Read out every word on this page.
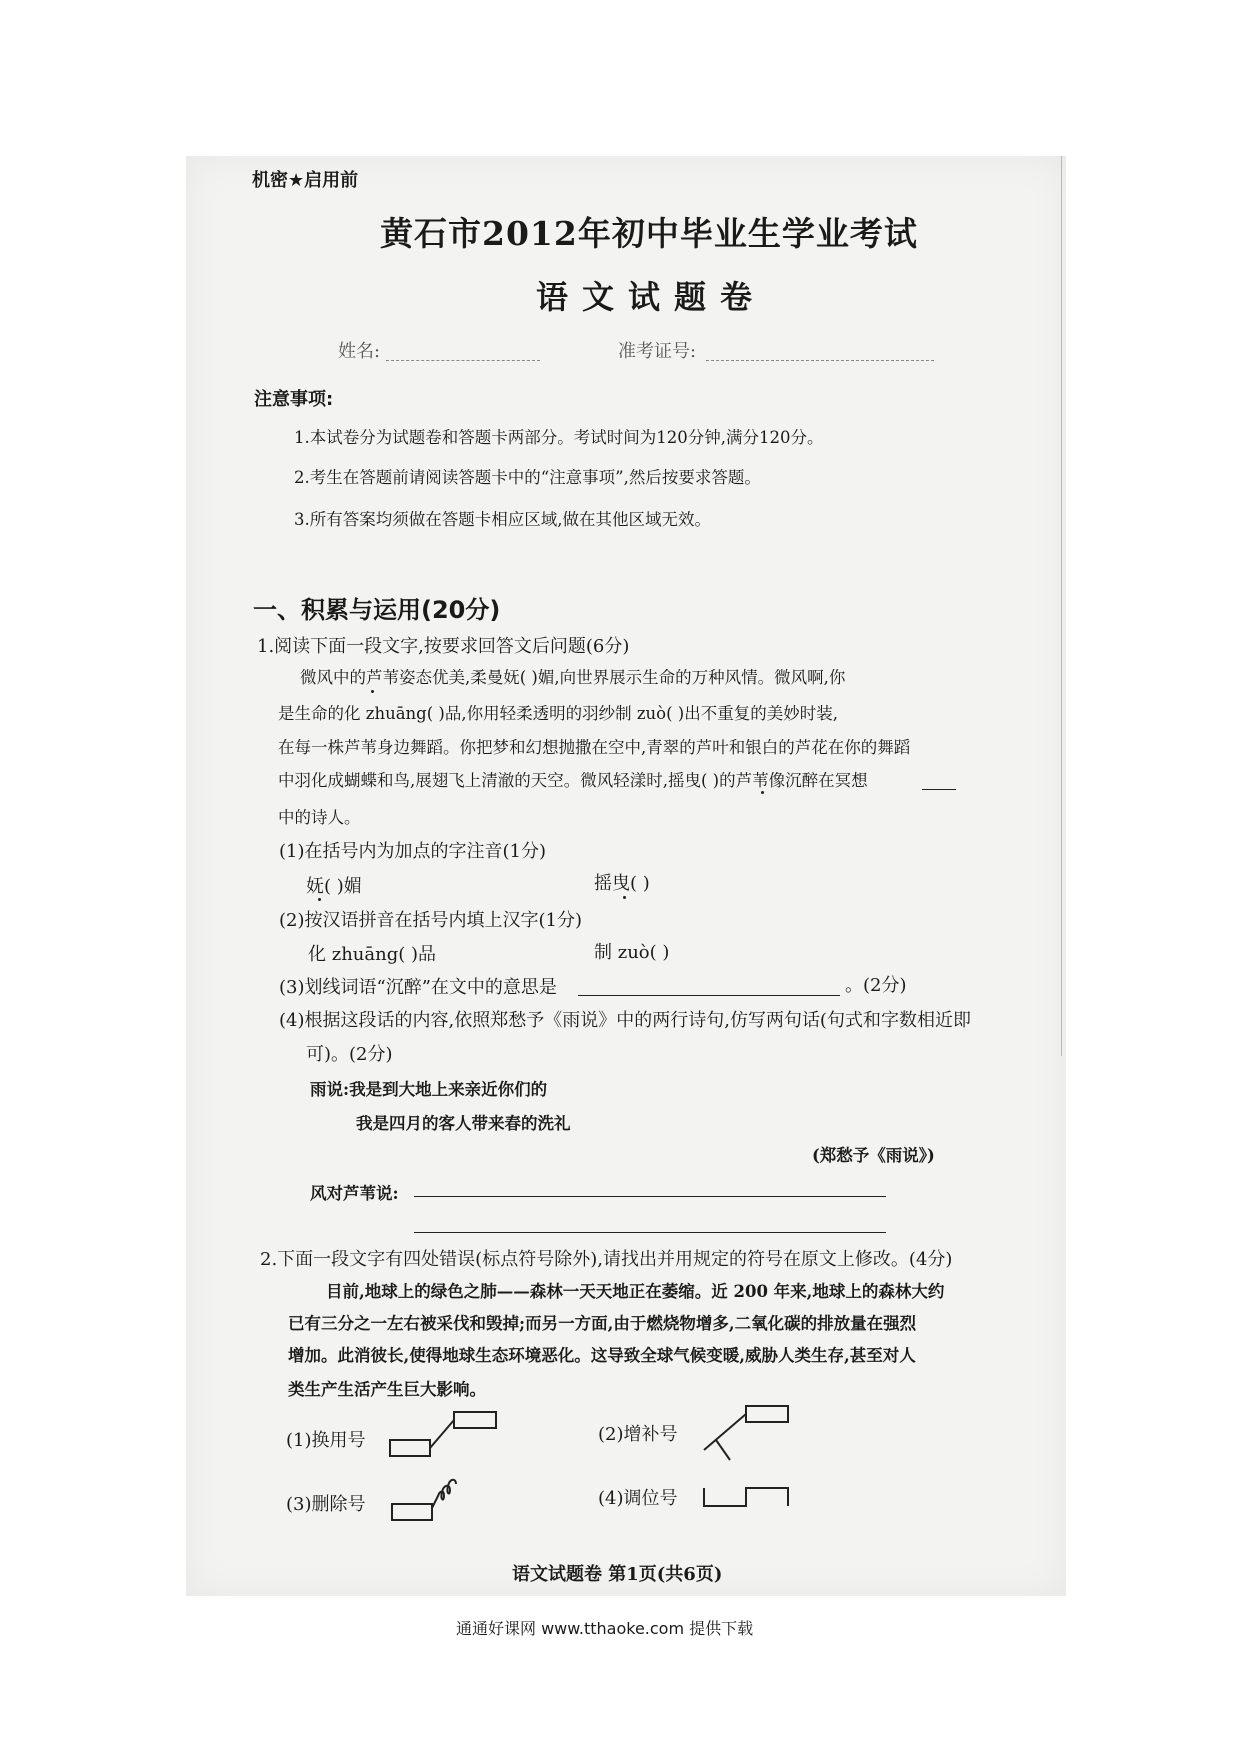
机密★启用前
黄石市2012年初中毕业生学业考试
语文试题卷
姓名:	准考证号:
注意事项:
1.本试卷分为试题卷和答题卡两部分。考试时间为120分钟,满分120分。
2.考生在答题前请阅读答题卡中的“注意事项”,然后按要求答题。
3.所有答案均须做在答题卡相应区域,做在其他区域无效。
一、积累与运用(20分)
1.阅读下面一段文字,按要求回答文后问题(6分)
微风中的芦苇姿态优美,柔曼妩( )媚,向世界展示生命的万种风情。微风啊,你
是生命的化 zhuāng( )品,你用轻柔透明的羽纱制 zuò( )出不重复的美妙时装,
在每一株芦苇身边舞蹈。你把梦和幻想抛撒在空中,青翠的芦叶和银白的芦花在你的舞蹈
中羽化成蝴蝶和鸟,展翅飞上清澈的天空。微风轻漾时,摇曳( )的芦苇像沉醉在冥想
中的诗人。
(1)在括号内为加点的字注音(1分)
妩( )媚	摇曳( )
(2)按汉语拼音在括号内填上汉字(1分)
化 zhuāng( )品	制 zuò( )
(3)划线词语“沉醉”在文中的意思是	。(2分)
(4)根据这段话的内容,依照郑愁予《雨说》中的两行诗句,仿写两句话(句式和字数相近即
可)。(2分)
雨说:我是到大地上来亲近你们的
我是四月的客人带来春的洗礼
(郑愁予《雨说》)
风对芦苇说:
2.下面一段文字有四处错误(标点符号除外),请找出并用规定的符号在原文上修改。(4分)
目前,地球上的绿色之肺——森林一天天地正在萎缩。近 200 年来,地球上的森林大约
已有三分之一左右被采伐和毁掉;而另一方面,由于燃烧物增多,二氧化碳的排放量在强烈
增加。此消彼长,使得地球生态环境恶化。这导致全球气候变暖,威胁人类生存,甚至对人
类生产生活产生巨大影响。
(1)换用号	(2)增补号
(3)删除号	(4)调位号
语文试题卷 第1页(共6页)
通通好课网 www.tthaoke.com 提供下载
